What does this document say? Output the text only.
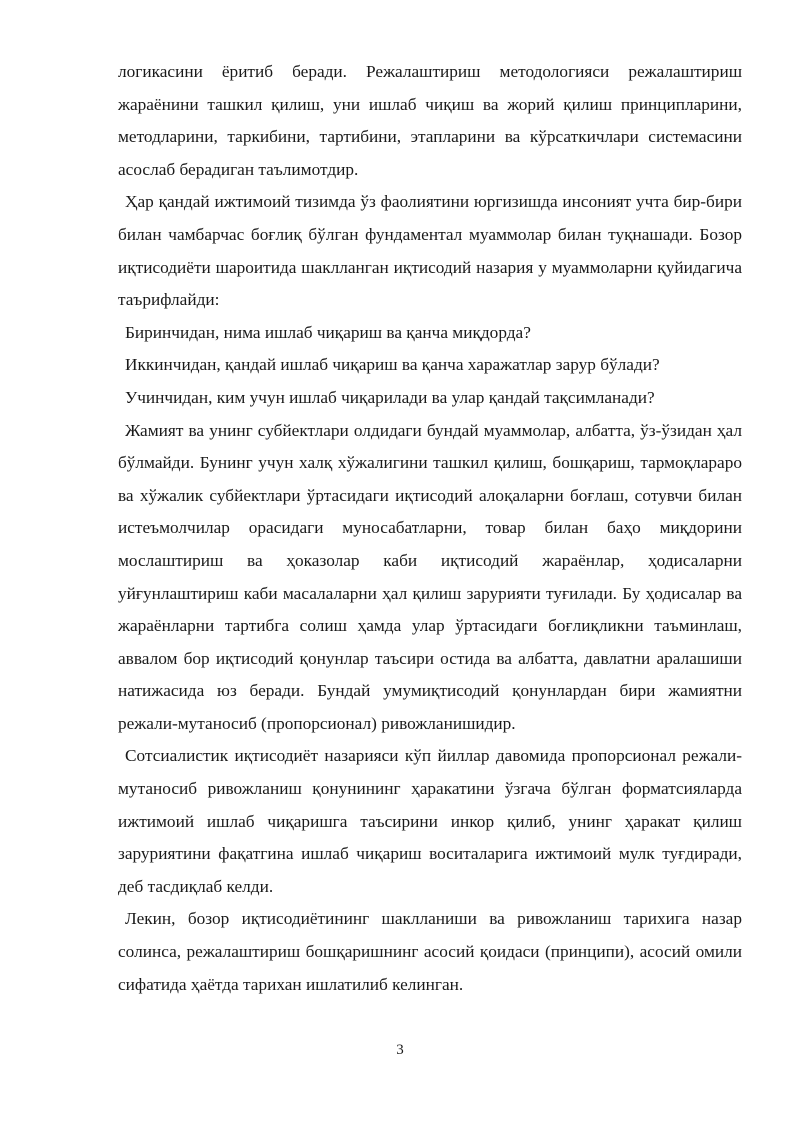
логикасини ёритиб беради. Режалаштириш методологияси режалаштириш жараёнини ташкил қилиш, уни ишлаб чиқиш ва жорий қилиш принципларини, методларини, таркибини, тартибини, этапларини ва кўрсаткичлари системасини асослаб берадиган таълимотдир.

Ҳар қандай ижтимоий тизимда ўз фаолиятини юргизишда инсоният учта бир-бири билан чамбарчас боғлиқ бўлган фундаментал муаммолар билан туқнашади. Бозор иқтисодиёти шароитида шаклланган иқтисодий назария у муаммоларни қуйидагича таърифлайди:

Биринчидан, нима ишлаб чиқариш ва қанча миқдорда?

Иккинчидан, қандай ишлаб чиқариш ва қанча харажатлар зарур бўлади?

Учинчидан, ким учун ишлаб чиқарилади ва улар қандай тақсимланади?

Жамият ва унинг субйектлари олдидаги бундай муаммолар, албатта, ўз-ўзидан ҳал бўлмайди. Бунинг учун халқ хўжалигини ташкил қилиш, бошқариш, тармоқлараро ва хўжалик субйектлари ўртасидаги иқтисодий алоқаларни боғлаш, сотувчи билан истеъмолчилар орасидаги муносабатларни, товар билан баҳо миқдорини мослаштириш ва ҳоказолар каби иқтисодий жараёнлар, ҳодисаларни уйғунлаштириш каби масалаларни ҳал қилиш зарурияти туғилади. Бу ҳодисалар ва жараёнларни тартибга солиш ҳамда улар ўртасидаги боғлиқликни таъминлаш, аввалом бор иқтисодий қонунлар таъсири остида ва албатта, давлатни аралашиши натижасида юз беради. Бундай умумиқтисодий қонунлардан бири жамиятни режали-мутаносиб (пропорсионал) ривожланишидир.

Сотсиалистик иқтисодиёт назарияси кўп йиллар давомида пропорсионал режали-мутаносиб ривожланиш қонунининг ҳаракатини ўзгача бўлган форматсияларда ижтимоий ишлаб чиқаришга таъсирини инкор қилиб, унинг ҳаракат қилиш заруриятини фақатгина ишлаб чиқариш воситаларига ижтимоий мулк туғдиради, деб тасдиқлаб келди.

Лекин, бозор иқтисодиётининг шаклланиши ва ривожланиш тарихига назар солинса, режалаштириш бошқаришнинг асосий қоидаси (принципи), асосий омили сифатида ҳаётда тарихан ишлатилиб келинган.

3
